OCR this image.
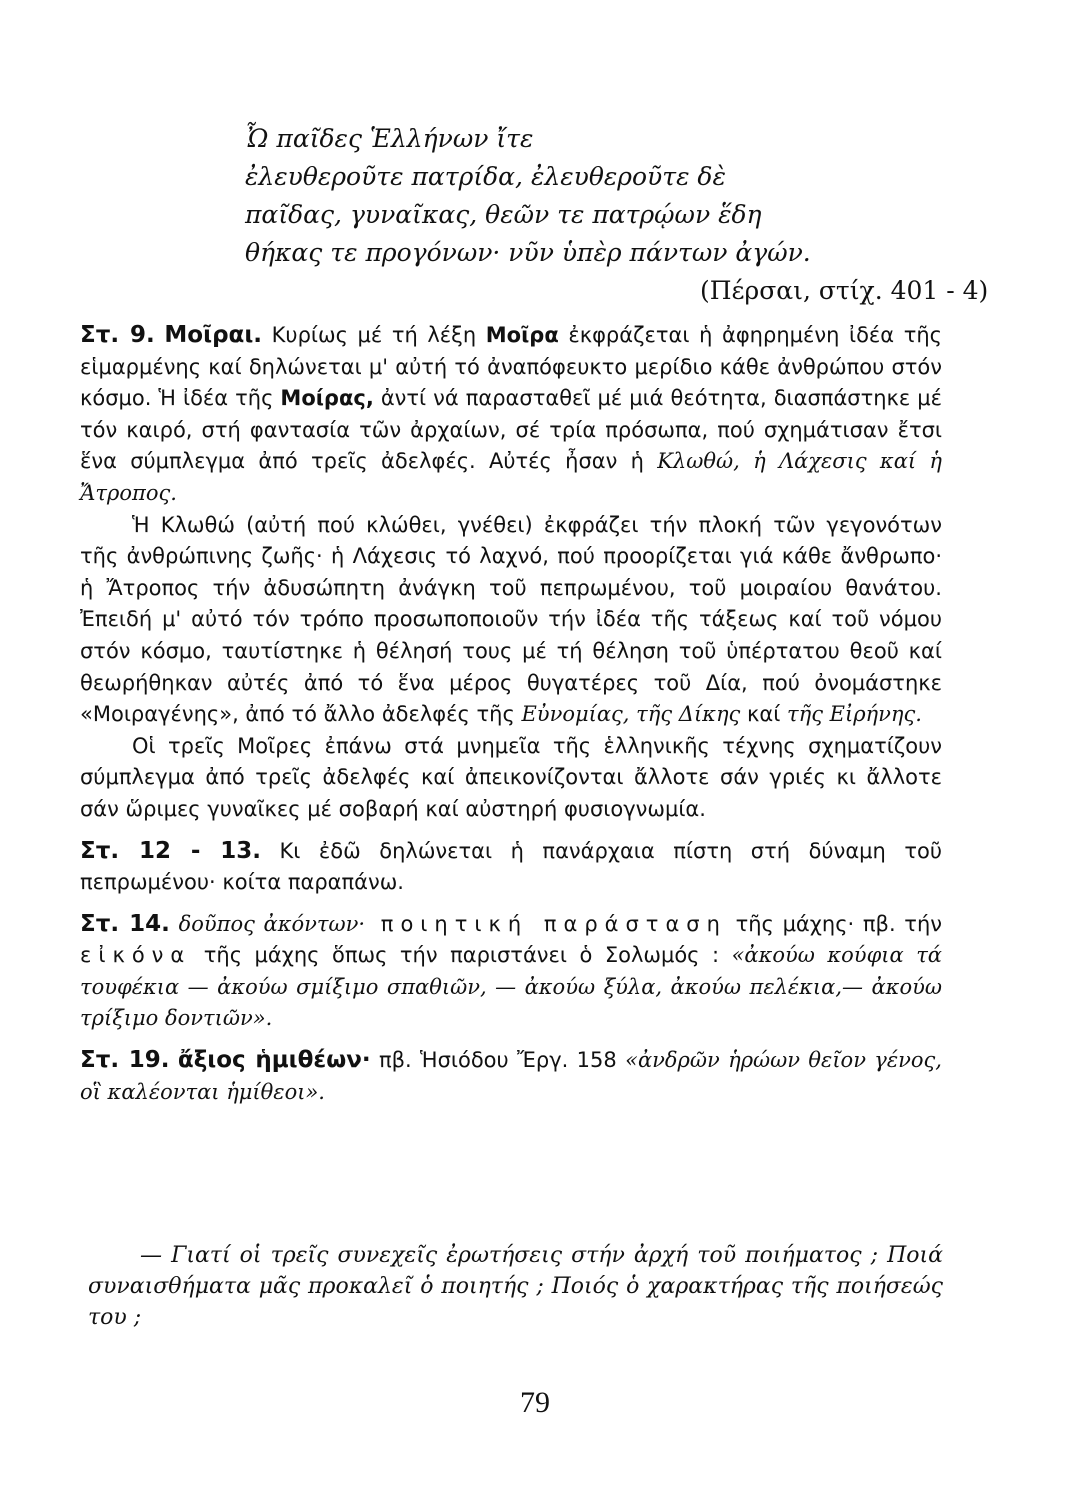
Ὦ παῖδες Ἑλλήνων ἴτε
ἐλευθεροῦτε πατρίδα, ἐλευθεροῦτε δὲ
παῖδας, γυναῖκας, θεῶν τε πατρῴων ἕδη
θήκας τε προγόνων· νῦν ὑπὲρ πάντων ἀγών.
(Πέρσαι, στίχ. 401 - 4)

Στ. 9. Μοῖραι. Κυρίως μέ τή λέξη Μοῖρα ἐκφράζεται ἡ ἀφηρημένη ἰδέα τῆς εἱμαρμένης καί δηλώνεται μ' αὐτή τό ἀναπόφευκτο μερίδιο κάθε ἀνθρώπου στόν κόσμο. Ἡ ἰδέα τῆς Μοίρας, ἀντί νά παρασταθεῖ μέ μιά θεότητα, διασπάστηκε μέ τόν καιρό, στή φαντασία τῶν ἀρχαίων, σέ τρία πρόσωπα, πού σχημάτισαν ἔτσι ἕνα σύμπλεγμα ἀπό τρεῖς ἀδελφές. Αὐτές ἦσαν ἡ Κλωθώ, ἡ Λάχεσις καί ἡ Ἄτροπος.

Ἡ Κλωθώ (αὐτή πού κλώθει, γνέθει) ἐκφράζει τήν πλοκή τῶν γεγονότων τῆς ἀνθρώπινης ζωῆς· ἡ Λάχεσις τό λαχνό, πού προορίζεται γιά κάθε ἄνθρωπο· ἡ Ἄτροπος τήν ἀδυσώπητη ἀνάγκη τοῦ πεπρωμένου, τοῦ μοιραίου θανάτου. Ἐπειδή μ' αὐτό τόν τρόπο προσωποποιοῦν τήν ἰδέα τῆς τάξεως καί τοῦ νόμου στόν κόσμο, ταυτίστηκε ἡ θέλησή τους μέ τή θέληση τοῦ ὑπέρτατου θεοῦ καί θεωρήθηκαν αὐτές ἀπό τό ἕνα μέρος θυγατέρες τοῦ Δία, πού ὀνομάστηκε «Μοιραγένης», ἀπό τό ἄλλο ἀδελφές τῆς Εὐνομίας, τῆς Δίκης καί τῆς Εἰρήνης.

Οἱ τρεῖς Μοῖρες ἐπάνω στά μνημεῖα τῆς ἑλληνικῆς τέχνης σχηματίζουν σύμπλεγμα ἀπό τρεῖς ἀδελφές καί ἀπεικονίζονται ἄλλοτε σάν γριές κι ἄλλοτε σάν ὥριμες γυναῖκες μέ σοβαρή καί αὐστηρή φυσιογνωμία.

Στ. 12 - 13. Κι ἐδῶ δηλώνεται ἡ πανάρχαια πίστη στή δύναμη τοῦ πεπρωμένου· κοίτα παραπάνω.

Στ. 14. δοῦπος ἀκόντων· ποιητική παράσταση τῆς μάχης· πβ. τήν εἰκόνα τῆς μάχης ὅπως τήν παριστάνει ὁ Σολωμός : «ἀκούω κούφια τά τουφέκια — ἀκούω σμίξιμο σπαθιῶν, — ἀκούω ξύλα, ἀκούω πελέκια,— ἀκούω τρίξιμο δοντιῶν».

Στ. 19. ἄξιος ἡμιθέων· πβ. Ἡσιόδου Ἔργ. 158 «ἀνδρῶν ἡρώων θεῖον γένος, οἳ καλέονται ἡμίθεοι».

— Γιατί οἱ τρεῖς συνεχεῖς ἐρωτήσεις στήν ἀρχή τοῦ ποιήματος ; Ποιά συναισθήματα μᾶς προκαλεῖ ὁ ποιητής ; Ποιός ὁ χαρακτήρας τῆς ποιήσεώς του ;

79
